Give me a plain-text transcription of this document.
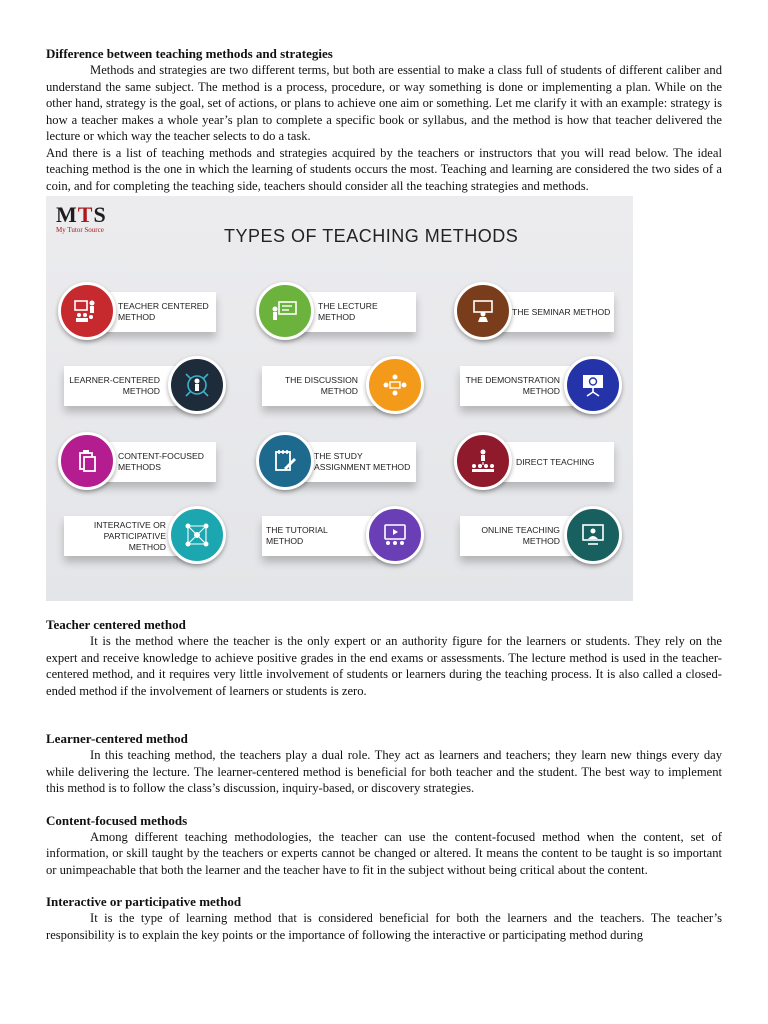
Difference between teaching methods and strategies

Methods and strategies are two different terms, but both are essential to make a class full of students of different caliber and understand the same subject. The method is a process, procedure, or way something is done or implementing a plan. While on the other hand, strategy is the goal, set of actions, or plans to achieve one aim or something. Let me clarify it with an example: strategy is how a teacher makes a whole year’s plan to complete a specific book or syllabus, and the method is how that teacher delivered the lecture or which way the teacher selects to do a task.

And there is a list of teaching methods and strategies acquired by the teachers or instructors that you will read below. The ideal teaching method is the one in which the learning of students occurs the most. Teaching and learning are considered the two sides of a coin, and for completing the teaching side, teachers should consider all the teaching strategies and methods.

MTS
My Tutor Source	TYPES OF TEACHING METHODS
TEACHER CENTERED METHOD
THE LECTURE METHOD
THE SEMINAR METHOD
LEARNER-CENTERED METHOD
THE DISCUSSION METHOD
THE DEMONSTRATION METHOD
CONTENT-FOCUSED METHODS
THE STUDY ASSIGNMENT METHOD
DIRECT TEACHING
INTERACTIVE OR PARTICIPATIVE METHOD
THE TUTORIAL METHOD
ONLINE TEACHING METHOD
Teacher centered method

It is the method where the teacher is the only expert or an authority figure for the learners or students. They rely on the expert and receive knowledge to achieve positive grades in the end exams or assessments. The lecture method is used in the teacher-centered method, and it requires very little involvement of students or learners during the teaching process. It is also called a closed-ended method if the involvement of learners or students is zero.

Learner-centered method

In this teaching method, the teachers play a dual role. They act as learners and teachers; they learn new things every day while delivering the lecture. The learner-centered method is beneficial for both teacher and the student. The best way to implement this method is to follow the class’s discussion, inquiry-based, or discovery strategies.

Content-focused methods

Among different teaching methodologies, the teacher can use the content-focused method when the content, set of information, or skill taught by the teachers or experts cannot be changed or altered. It means the content to be taught is so important or unimpeachable that both the learner and the teacher have to fit in the subject without being critical about the content.

Interactive or participative method

It is the type of learning method that is considered beneficial for both the learners and the teachers. The teacher’s responsibility is to explain the key points or the importance of following the interactive or participating method during
